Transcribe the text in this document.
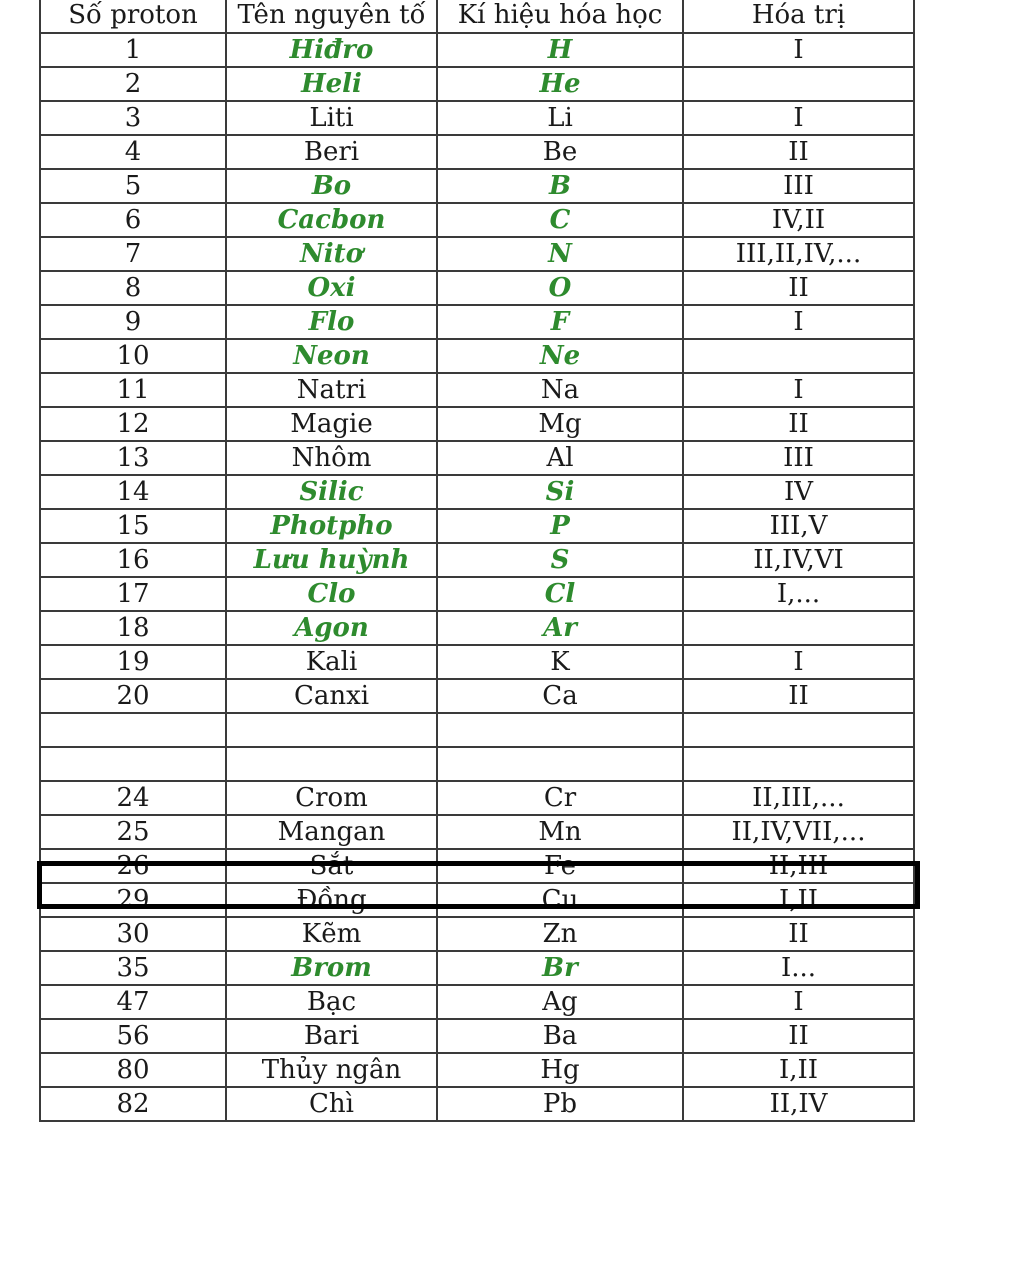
Số proton	Tên nguyên tố	Kí hiệu hóa học	Hóa trị
1	Hiđro	H	I
2	Heli	He	
3	Liti	Li	I
4	Beri	Be	II
5	Bo	B	III
6	Cacbon	C	IV,II
7	Nitơ	N	III,II,IV,...
8	Oxi	O	II
9	Flo	F	I
10	Neon	Ne	
11	Natri	Na	I
12	Magie	Mg	II
13	Nhôm	Al	III
14	Silic	Si	IV
15	Photpho	P	III,V
16	Lưu huỳnh	S	II,IV,VI
17	Clo	Cl	I,...
18	Agon	Ar	
19	Kali	K	I
20	Canxi	Ca	II

24	Crom	Cr	II,III,...
25	Mangan	Mn	II,IV,VII,...
26	Sắt	Fe	II,III
29	Đồng	Cu	I,II
30	Kẽm	Zn	II
35	Brom	Br	I...
47	Bạc	Ag	I
56	Bari	Ba	II
80	Thủy ngân	Hg	I,II
82	Chì	Pb	II,IV
